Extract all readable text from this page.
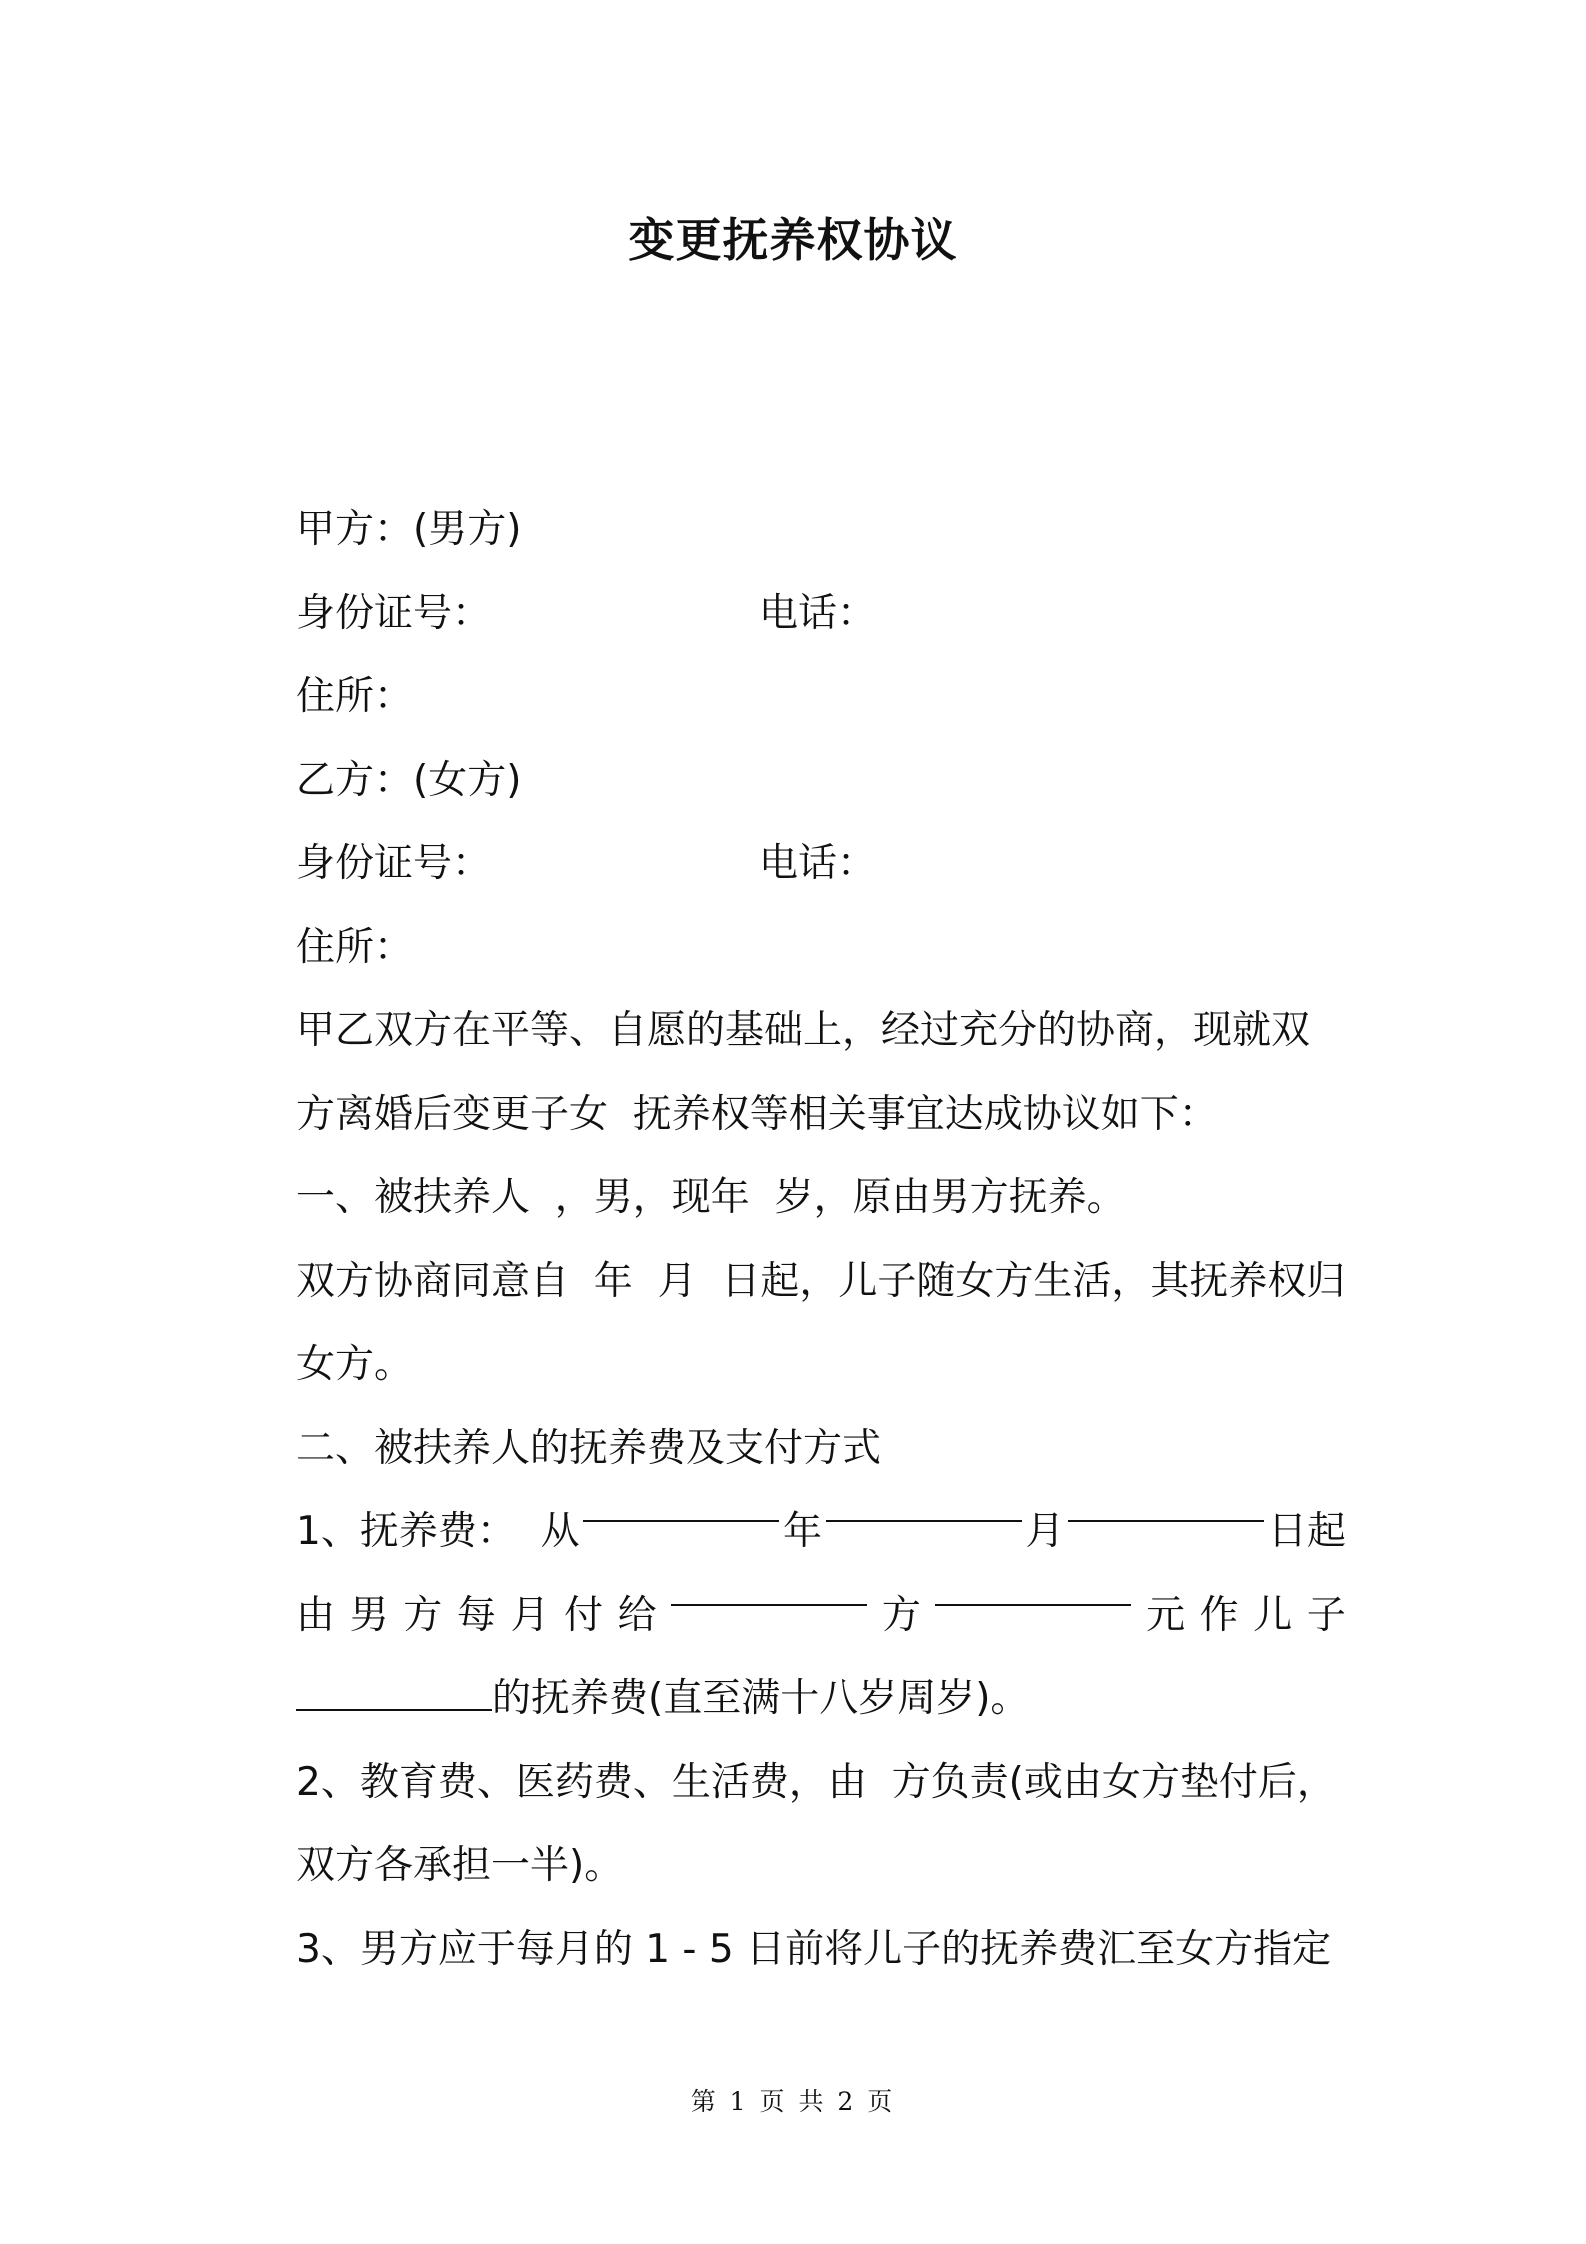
变更抚养权协议
甲方：(男方)
身份证号：	电话：
住所：
乙方：(女方)
身份证号：	电话：
住所：
甲乙双方在平等、自愿的基础上，经过充分的协商，现就双
方离婚后变更子女  抚养权等相关事宜达成协议如下：
一、被扶养人  ，男，现年  岁，原由男方抚养。
双方协商同意自  年  月  日起，儿子随女方生活，其抚养权归
女方。
二、被扶养人的抚养费及支付方式
1、抚养费：  从	年	月	日起
由 男 方 每 月 付 给	方	元 作 儿 子
的抚养费(直至满十八岁周岁)。
2、教育费、医药费、生活费，由  方负责(或由女方垫付后，
双方各承担一半)。
3、男方应于每月的 1 - 5 日前将儿子的抚养费汇至女方指定
第 1 页 共 2 页
